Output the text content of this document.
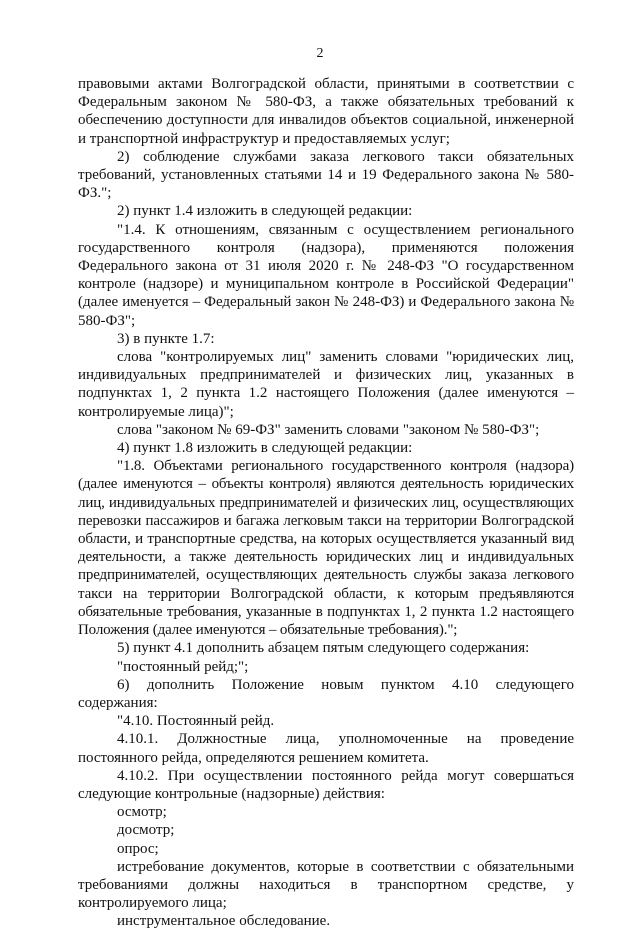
2

правовыми актами Волгоградской области, принятыми в соответствии с Федеральным законом № 580-ФЗ, а также обязательных требований к обеспечению доступности для инвалидов объектов социальной, инженерной и транспортной инфраструктур и предоставляемых услуг;

2) соблюдение службами заказа легкового такси обязательных требований, установленных статьями 14 и 19 Федерального закона № 580-ФЗ.";

2) пункт 1.4 изложить в следующей редакции:

"1.4. К отношениям, связанным с осуществлением регионального государственного контроля (надзора), применяются положения Федерального закона от 31 июля 2020 г. № 248-ФЗ "О государственном контроле (надзоре) и муниципальном контроле в Российской Федерации" (далее именуется – Федеральный закон № 248-ФЗ) и Федерального закона № 580-ФЗ";

3) в пункте 1.7:

слова "контролируемых лиц" заменить словами "юридических лиц, индивидуальных предпринимателей и физических лиц, указанных в подпунктах 1, 2 пункта 1.2 настоящего Положения (далее именуются – контролируемые лица)";

слова "законом № 69-ФЗ" заменить словами "законом № 580-ФЗ";

4) пункт 1.8 изложить в следующей редакции:

"1.8. Объектами регионального государственного контроля (надзора) (далее именуются – объекты контроля) являются деятельность юридических лиц, индивидуальных предпринимателей и физических лиц, осуществляющих перевозки пассажиров и багажа легковым такси на территории Волгоградской области, и транспортные средства, на которых осуществляется указанный вид деятельности, а также деятельность юридических лиц и индивидуальных предпринимателей, осуществляющих деятельность службы заказа легкового такси на территории Волгоградской области, к которым предъявляются обязательные требования, указанные в подпунктах 1, 2 пункта 1.2 настоящего Положения (далее именуются – обязательные требования).";

5) пункт 4.1 дополнить абзацем пятым следующего содержания:

"постоянный рейд;";

6) дополнить Положение новым пунктом 4.10 следующего содержания:

"4.10. Постоянный рейд.

4.10.1. Должностные лица, уполномоченные на проведение постоянного рейда, определяются решением комитета.

4.10.2. При осуществлении постоянного рейда могут совершаться следующие контрольные (надзорные) действия:

осмотр;

досмотр;

опрос;

истребование документов, которые в соответствии с обязательными требованиями должны находиться в транспортном средстве, у контролируемого лица;

инструментальное обследование.
